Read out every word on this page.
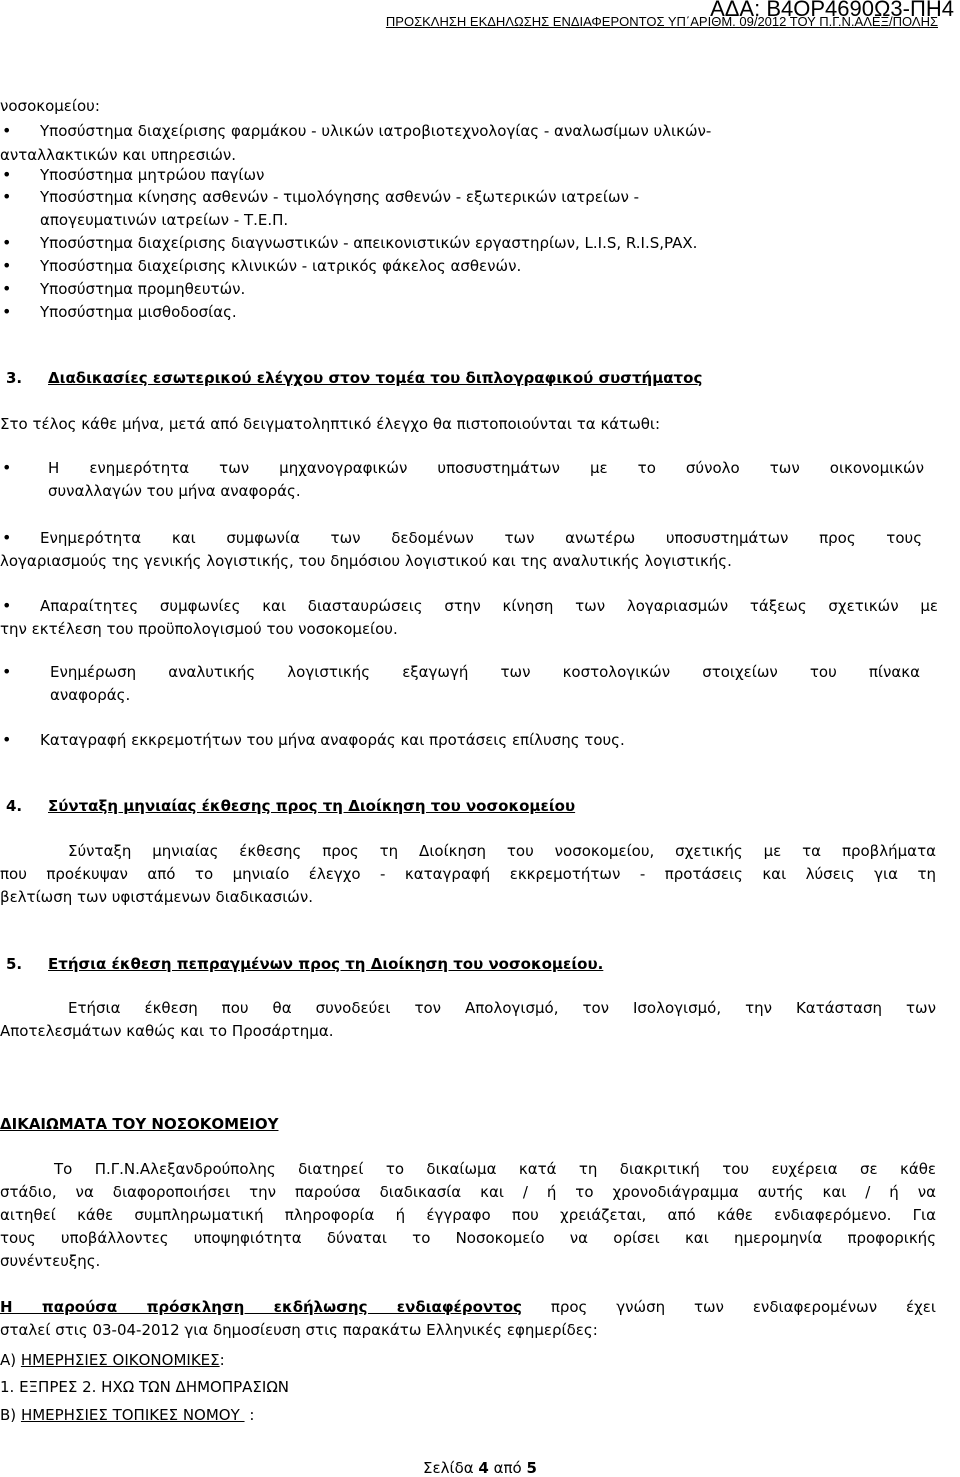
ΑΔΑ: Β4ΟΡ4690Ω3-ΠΗ4
ΠΡΟΣΚΛΗΣΗ ΕΚΔΗΛΩΣΗΣ ΕΝΔΙΑΦΕΡΟΝΤΟΣ ΥΠ΄ΑΡΙΘΜ. 09/2012 ΤΟΥ Π.Γ.Ν.ΑΛΕΞ/ΠΟΛΗΣ
νοσοκομείου:
• Υποσύστημα διαχείρισης φαρμάκου - υλικών ιατροβιοτεχνολογίας - αναλωσίμων υλικών-
ανταλλακτικών και υπηρεσιών.
• Υποσύστημα μητρώου παγίων
• Υποσύστημα κίνησης ασθενών - τιμολόγησης ασθενών - εξωτερικών ιατρείων -
απογευματινών ιατρείων - Τ.Ε.Π.
• Υποσύστημα διαχείρισης διαγνωστικών - απεικονιστικών εργαστηρίων, L.I.S, R.I.S,PAX.
• Υποσύστημα διαχείρισης κλινικών - ιατρικός φάκελος ασθενών.
• Υποσύστημα προμηθευτών.
• Υποσύστημα μισθοδοσίας.
3. Διαδικασίες εσωτερικού ελέγχου στον τομέα του διπλογραφικού συστήματος
Στο τέλος κάθε μήνα, μετά από δειγματοληπτικό έλεγχο θα πιστοποιούνται τα κάτωθι:
• Η ενημερότητα των μηχανογραφικών υποσυστημάτων με το σύνολο των οικονομικών
συναλλαγών του μήνα αναφοράς.
• Ενημερότητα και συμφωνία των δεδομένων των ανωτέρω υποσυστημάτων προς τους
λογαριασμούς της γενικής λογιστικής, του δημόσιου λογιστικού και της αναλυτικής λογιστικής.
• Απαραίτητες συμφωνίες και διασταυρώσεις στην κίνηση των λογαριασμών τάξεως σχετικών με
την εκτέλεση του προϋπολογισμού του νοσοκομείου.
•	Ενημέρωση αναλυτικής λογιστικής εξαγωγή των κοστολογικών στοιχείων του πίνακα
αναφοράς.
• Καταγραφή εκκρεμοτήτων του μήνα αναφοράς και προτάσεις επίλυσης τους.
4. Σύνταξη μηνιαίας έκθεσης προς τη Διοίκηση του νοσοκομείου
Σύνταξη μηνιαίας έκθεσης προς τη Διοίκηση του νοσοκομείου, σχετικής με τα προβλήματα
που προέκυψαν από το μηνιαίο έλεγχο - καταγραφή εκκρεμοτήτων - προτάσεις και λύσεις για τη
βελτίωση των υφιστάμενων διαδικασιών.
5. Ετήσια έκθεση πεπραγμένων προς τη Διοίκηση του νοσοκομείου.
Ετήσια έκθεση που θα συνοδεύει τον Απολογισμό, τον Ισολογισμό, την Κατάσταση των
Αποτελεσμάτων καθώς και το Προσάρτημα.
ΔΙΚΑΙΩΜΑΤΑ ΤΟΥ ΝΟΣΟΚΟΜΕΙΟΥ
Το Π.Γ.Ν.Αλεξανδρούπολης διατηρεί το δικαίωμα κατά τη διακριτική του ευχέρεια σε κάθε
στάδιο, να διαφοροποιήσει την παρούσα διαδικασία και / ή το χρονοδιάγραμμα αυτής και / ή να
αιτηθεί κάθε συμπληρωματική πληροφορία ή έγγραφο που χρειάζεται, από κάθε ενδιαφερόμενο. Για
τους υποβάλλοντες υποψηφιότητα δύναται το Νοσοκομείο να ορίσει και ημερομηνία προφορικής
συνέντευξης.
Η παρούσα πρόσκληση εκδήλωσης ενδιαφέροντος προς γνώση των ενδιαφερομένων έχει
σταλεί στις 03-04-2012 για δημοσίευση στις παρακάτω Ελληνικές εφημερίδες:
Α) ΗΜΕΡΗΣΙΕΣ ΟΙΚΟΝΟΜΙΚΕΣ:
1. ΕΞΠΡΕΣ 2. ΗΧΩ ΤΩΝ ΔΗΜΟΠΡΑΣΙΩΝ
Β) ΗΜΕΡΗΣΙΕΣ ΤΟΠΙΚΕΣ ΝΟΜΟΥ  :
Σελίδα 4 από 5
